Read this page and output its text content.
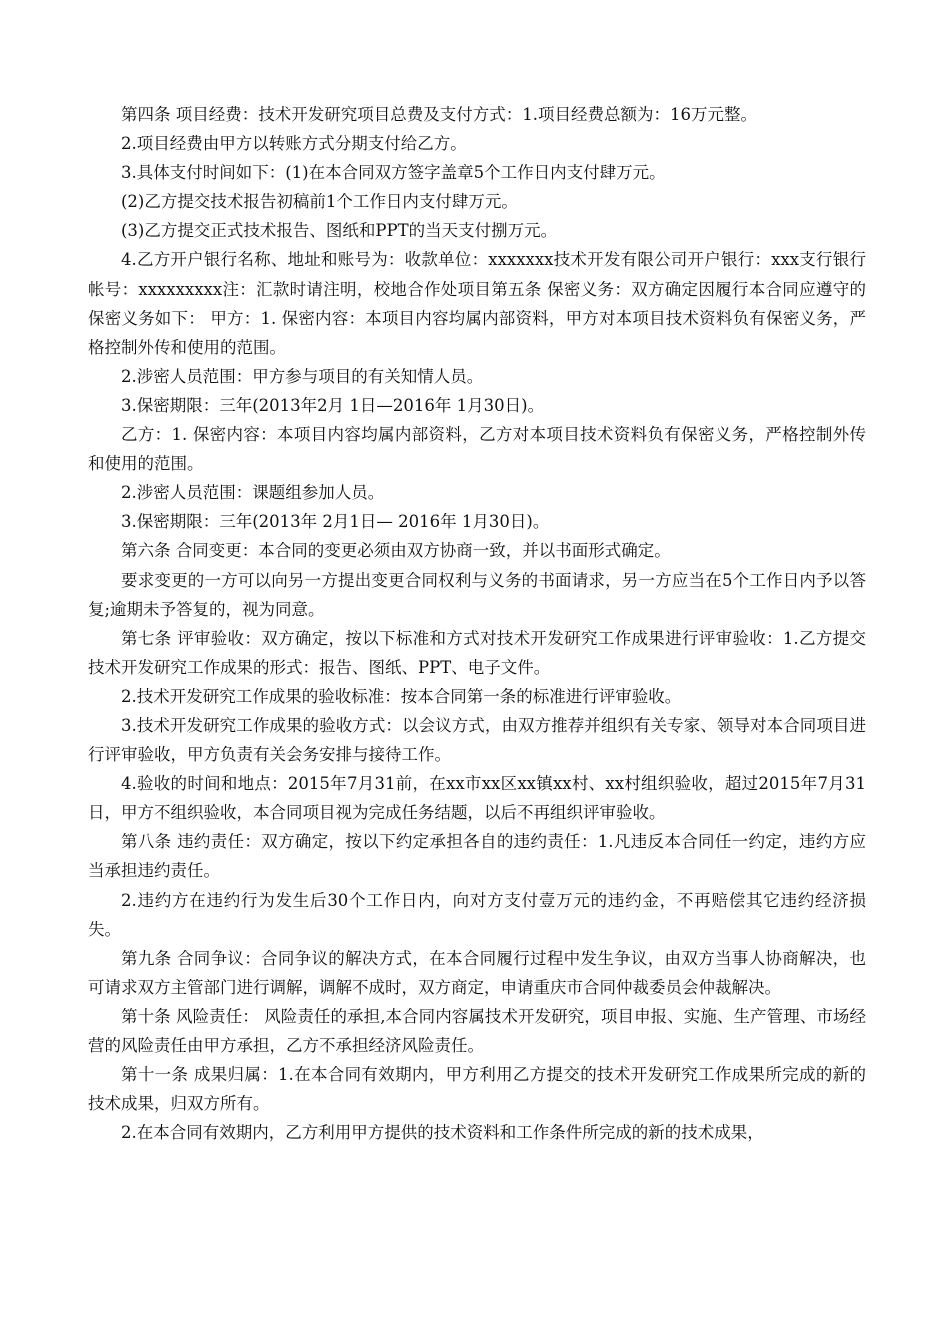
第四条 项目经费：技术开发研究项目总费及支付方式：1.项目经费总额为：16万元整。

2.项目经费由甲方以转账方式分期支付给乙方。

3.具体支付时间如下：(1)在本合同双方签字盖章5个工作日内支付肆万元。

(2)乙方提交技术报告初稿前1个工作日内支付肆万元。

(3)乙方提交正式技术报告、图纸和PPT的当天支付捌万元。

4.乙方开户银行名称、地址和账号为：收款单位：xxxxxxx技术开发有限公司开户银行：xxx支行银行帐号：xxxxxxxxx注：汇款时请注明，校地合作处项目第五条 保密义务：双方确定因履行本合同应遵守的保密义务如下： 甲方：1. 保密内容：本项目内容均属内部资料，甲方对本项目技术资料负有保密义务，严格控制外传和使用的范围。

2.涉密人员范围：甲方参与项目的有关知情人员。

3.保密期限：三年(2013年2月 1日—2016年 1月30日)。

乙方：1. 保密内容：本项目内容均属内部资料，乙方对本项目技术资料负有保密义务，严格控制外传和使用的范围。

2.涉密人员范围：课题组参加人员。

3.保密期限：三年(2013年 2月1日— 2016年 1月30日)。

第六条 合同变更：本合同的变更必须由双方协商一致，并以书面形式确定。

要求变更的一方可以向另一方提出变更合同权利与义务的书面请求，另一方应当在5个工作日内予以答复;逾期未予答复的，视为同意。

第七条 评审验收：双方确定，按以下标准和方式对技术开发研究工作成果进行评审验收：1.乙方提交技术开发研究工作成果的形式：报告、图纸、PPT、电子文件。

2.技术开发研究工作成果的验收标准：按本合同第一条的标准进行评审验收。

3.技术开发研究工作成果的验收方式：以会议方式，由双方推荐并组织有关专家、领导对本合同项目进行评审验收，甲方负责有关会务安排与接待工作。

4.验收的时间和地点：2015年7月31前，在xx市xx区xx镇xx村、xx村组织验收，超过2015年7月31日，甲方不组织验收，本合同项目视为完成任务结题，以后不再组织评审验收。

第八条 违约责任：双方确定，按以下约定承担各自的违约责任：1.凡违反本合同任一约定，违约方应当承担违约责任。

2.违约方在违约行为发生后30个工作日内，向对方支付壹万元的违约金，不再赔偿其它违约经济损失。

第九条 合同争议：合同争议的解决方式，在本合同履行过程中发生争议，由双方当事人协商解决，也可请求双方主管部门进行调解，调解不成时，双方商定，申请重庆市合同仲裁委员会仲裁解决。

第十条 风险责任： 风险责任的承担,本合同内容属技术开发研究，项目申报、实施、生产管理、市场经营的风险责任由甲方承担，乙方不承担经济风险责任。

第十一条 成果归属：1.在本合同有效期内，甲方利用乙方提交的技术开发研究工作成果所完成的新的技术成果，归双方所有。

2.在本合同有效期内，乙方利用甲方提供的技术资料和工作条件所完成的新的技术成果，
